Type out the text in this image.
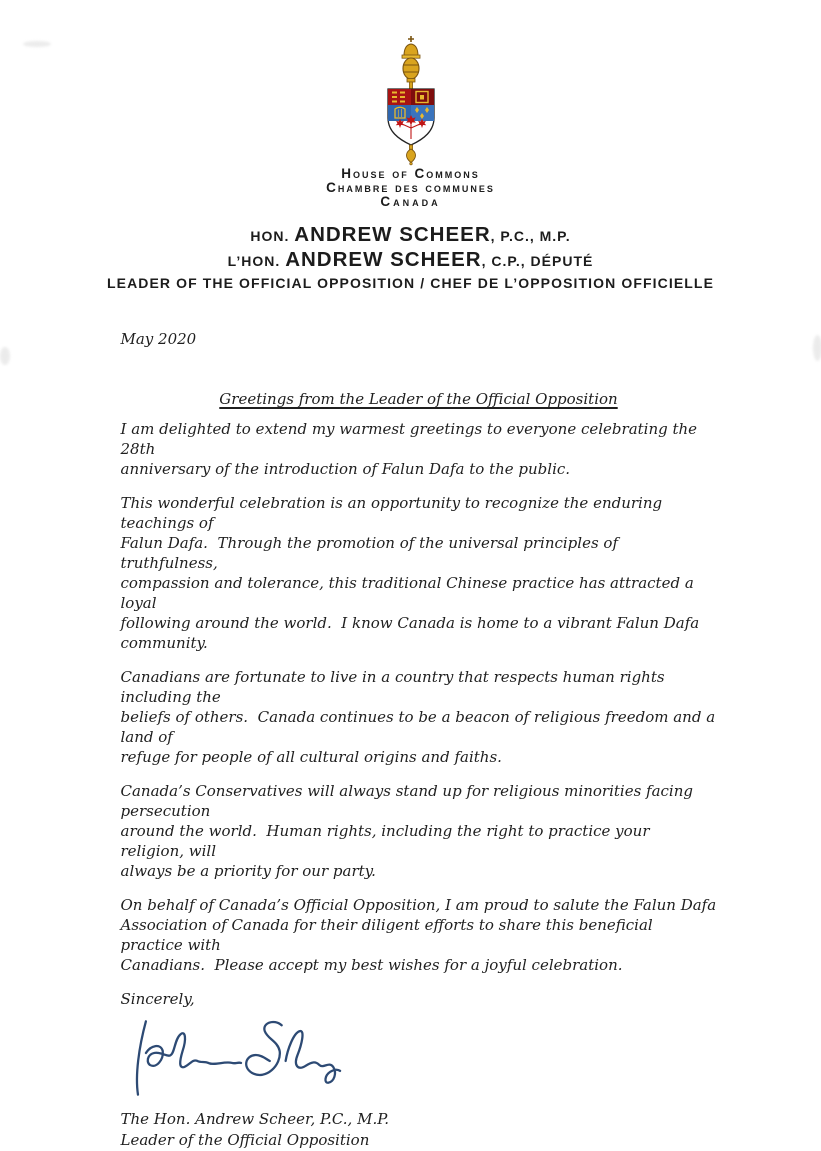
House of Commons
Chambre des communes
Canada
HON. ANDREW SCHEER, P.C., M.P.
L’HON. ANDREW SCHEER, C.P., DÉPUTÉ
LEADER OF THE OFFICIAL OPPOSITION / CHEF DE L’OPPOSITION OFFICIELLE

May 2020

Greetings from the Leader of the Official Opposition

I am delighted to extend my warmest greetings to everyone celebrating the 28th
anniversary of the introduction of Falun Dafa to the public.

This wonderful celebration is an opportunity to recognize the enduring teachings of
Falun Dafa.  Through the promotion of the universal principles of truthfulness,
compassion and tolerance, this traditional Chinese practice has attracted a loyal
following around the world.  I know Canada is home to a vibrant Falun Dafa community.

Canadians are fortunate to live in a country that respects human rights including the
beliefs of others.  Canada continues to be a beacon of religious freedom and a land of
refuge for people of all cultural origins and faiths.

Canada’s Conservatives will always stand up for religious minorities facing persecution
around the world.  Human rights, including the right to practice your religion, will
always be a priority for our party.

On behalf of Canada’s Official Opposition, I am proud to salute the Falun Dafa
Association of Canada for their diligent efforts to share this beneficial practice with
Canadians.  Please accept my best wishes for a joyful celebration.

Sincerely,

The Hon. Andrew Scheer, P.C., M.P.
Leader of the Official Opposition
